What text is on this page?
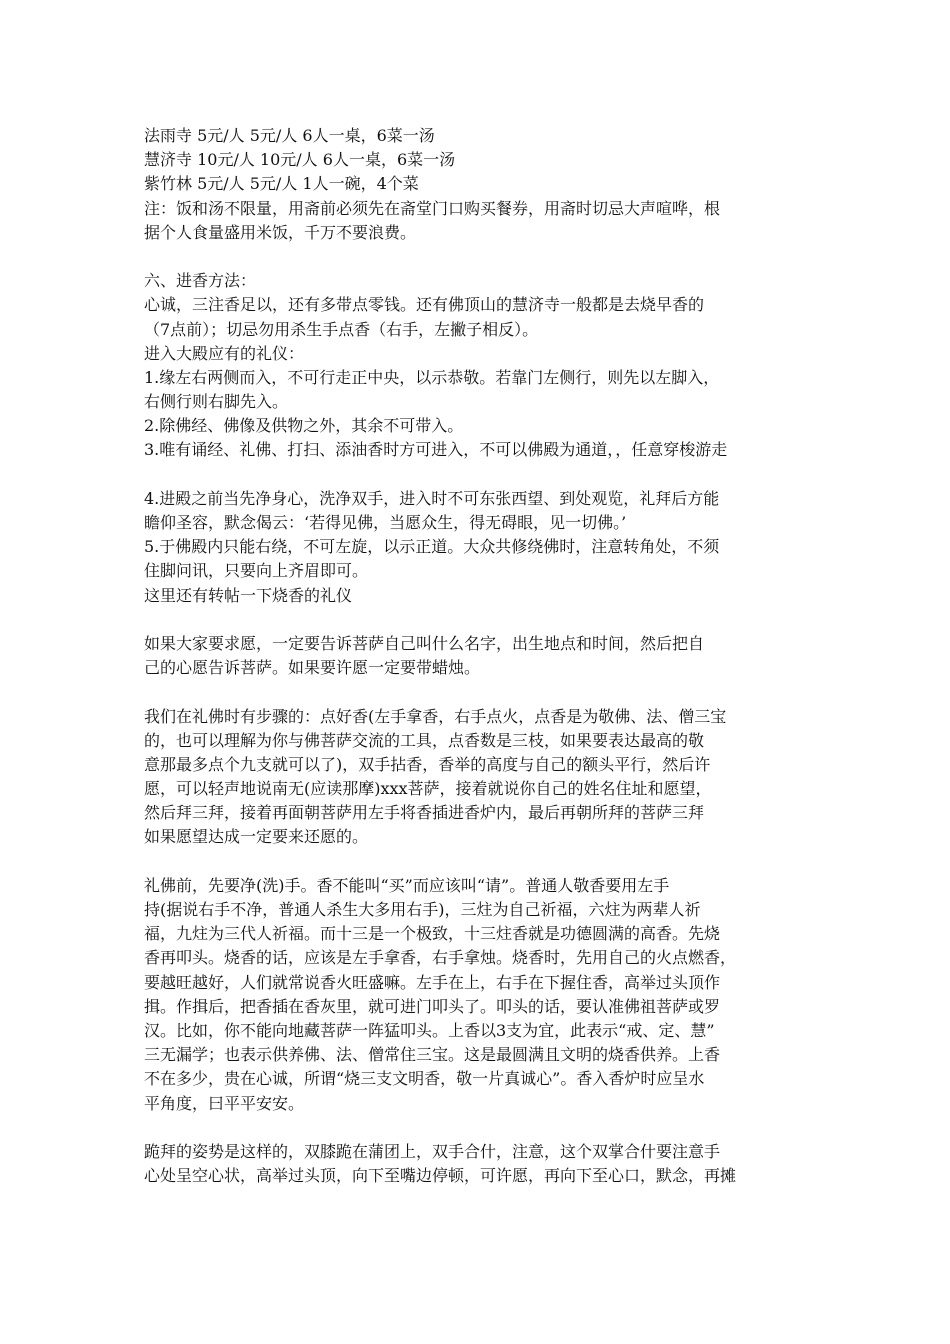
法雨寺 5元/人 5元/人 6人一桌，6菜一汤
慧济寺 10元/人 10元/人 6人一桌，6菜一汤
紫竹林 5元/人 5元/人 1人一碗，4个菜
注：饭和汤不限量，用斋前必须先在斋堂门口购买餐券，用斋时切忌大声喧哗，根
据个人食量盛用米饭，千万不要浪费。
六、进香方法：
心诚，三注香足以，还有多带点零钱。还有佛顶山的慧济寺一般都是去烧早香的
（7点前）；切忌勿用杀生手点香（右手，左撇子相反）。
进入大殿应有的礼仪：
1.缘左右两侧而入，不可行走正中央，以示恭敬。若靠门左侧行，则先以左脚入，
右侧行则右脚先入。
2.除佛经、佛像及供物之外，其余不可带入。
3.唯有诵经、礼佛、打扫、添油香时方可进入，不可以佛殿为通道，，任意穿梭游走
4.进殿之前当先净身心，洗净双手，进入时不可东张西望、到处观览，礼拜后方能
瞻仰圣容，默念偈云：‘若得见佛，当愿众生，得无碍眼，见一切佛。’
5.于佛殿内只能右绕，不可左旋，以示正道。大众共修绕佛时，注意转角处，不须
住脚问讯，只要向上齐眉即可。
这里还有转帖一下烧香的礼仪
如果大家要求愿，一定要告诉菩萨自己叫什么名字，出生地点和时间，然后把自
己的心愿告诉菩萨。如果要许愿一定要带蜡烛。
我们在礼佛时有步骤的：点好香(左手拿香，右手点火，点香是为敬佛、法、僧三宝
的，也可以理解为你与佛菩萨交流的工具，点香数是三枝，如果要表达最高的敬
意那最多点个九支就可以了)，双手拈香，香举的高度与自己的额头平行，然后许
愿，可以轻声地说南无(应读那摩)xxx菩萨，接着就说你自己的姓名住址和愿望，
然后拜三拜，接着再面朝菩萨用左手将香插进香炉内，最后再朝所拜的菩萨三拜
如果愿望达成一定要来还愿的。
礼佛前，先要净(洗)手。香不能叫“买”而应该叫“请”。普通人敬香要用左手
持(据说右手不净，普通人杀生大多用右手)，三炷为自己祈福，六炷为两辈人祈
福，九炷为三代人祈福。而十三是一个极致，十三炷香就是功德圆满的高香。先烧
香再叩头。烧香的话，应该是左手拿香，右手拿烛。烧香时，先用自己的火点燃香，
要越旺越好，人们就常说香火旺盛嘛。左手在上，右手在下握住香，高举过头顶作
揖。作揖后，把香插在香灰里，就可进门叩头了。叩头的话，要认准佛祖菩萨或罗
汉。比如，你不能向地藏菩萨一阵猛叩头。上香以3支为宜，此表示“戒、定、慧”
三无漏学；也表示供养佛、法、僧常住三宝。这是最圆满且文明的烧香供养。上香
不在多少，贵在心诚，所谓“烧三支文明香，敬一片真诚心”。香入香炉时应呈水
平角度，曰平平安安。
跪拜的姿势是这样的，双膝跪在蒲团上，双手合什，注意，这个双掌合什要注意手
心处呈空心状，高举过头顶，向下至嘴边停顿，可许愿，再向下至心口，默念，再摊
